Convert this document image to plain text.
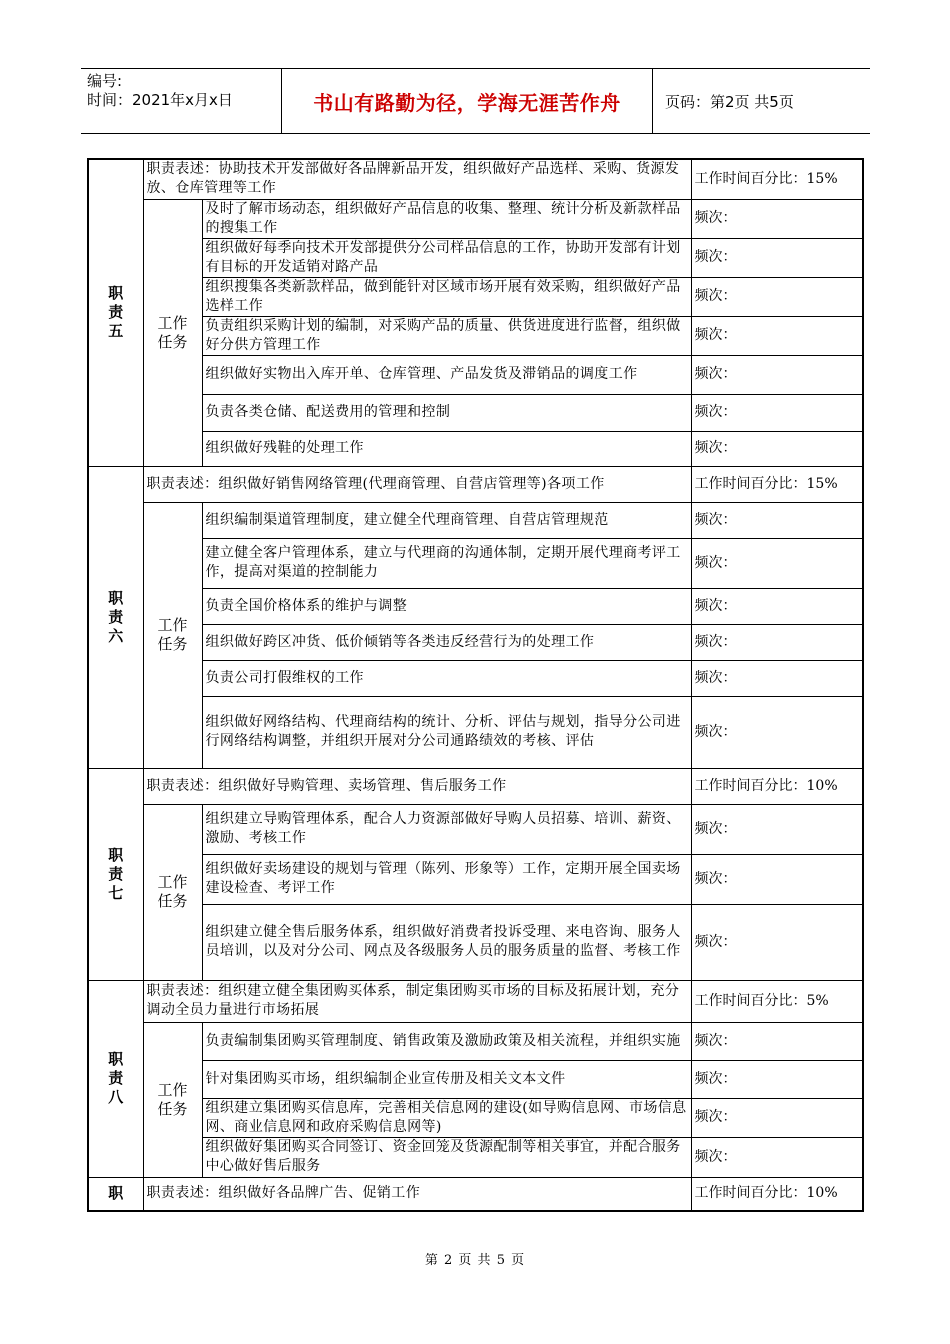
编号:
时间：2021年x月x日	书山有路勤为径，学海无涯苦作舟	页码：第2页 共5页
职
责
五	职责表述：协助技术开发部做好各品牌新品开发，组织做好产品选样、采购、货源发放、仓库管理等工作		工作时间百分比：15%
	工作
任务	及时了解市场动态，组织做好产品信息的收集、整理、统计分析及新款样品的搜集工作	频次：
		组织做好每季向技术开发部提供分公司样品信息的工作，协助开发部有计划有目标的开发适销对路产品	频次：
		组织搜集各类新款样品，做到能针对区域市场开展有效采购，组织做好产品选样工作	频次：
		负责组织采购计划的编制，对采购产品的质量、供货进度进行监督，组织做好分供方管理工作	频次：
		组织做好实物出入库开单、仓库管理、产品发货及滞销品的调度工作	频次：
		负责各类仓储、配送费用的管理和控制	频次：
		组织做好残鞋的处理工作	频次：
职
责
六	职责表述：组织做好销售网络管理(代理商管理、自营店管理等)各项工作		工作时间百分比：15%
	工作
任务	组织编制渠道管理制度，建立健全代理商管理、自营店管理规范	频次：
		建立健全客户管理体系，建立与代理商的沟通体制，定期开展代理商考评工作，提高对渠道的控制能力	频次：
		负责全国价格体系的维护与调整	频次：
		组织做好跨区冲货、低价倾销等各类违反经营行为的处理工作	频次：
		负责公司打假维权的工作	频次：
		组织做好网络结构、代理商结构的统计、分析、评估与规划，指导分公司进行网络结构调整，并组织开展对分公司通路绩效的考核、评估	频次：
职
责
七	职责表述：组织做好导购管理、卖场管理、售后服务工作		工作时间百分比：10%
	工作
任务	组织建立导购管理体系，配合人力资源部做好导购人员招募、培训、薪资、激励、考核工作	频次：
		组织做好卖场建设的规划与管理（陈列、形象等）工作，定期开展全国卖场建设检查、考评工作	频次：
		组织建立健全售后服务体系，组织做好消费者投诉受理、来电咨询、服务人员培训，以及对分公司、网点及各级服务人员的服务质量的监督、考核工作	频次：
职
责
八	职责表述：组织建立健全集团购买体系，制定集团购买市场的目标及拓展计划，充分调动全员力量进行市场拓展		工作时间百分比：5%
	工作
任务	负责编制集团购买管理制度、销售政策及激励政策及相关流程，并组织实施	频次：
		针对集团购买市场，组织编制企业宣传册及相关文本文件	频次：
		组织建立集团购买信息库，完善相关信息网的建设(如导购信息网、市场信息网、商业信息网和政府采购信息网等)	频次：
		组织做好集团购买合同签订、资金回笼及货源配制等相关事宜，并配合服务中心做好售后服务	频次：
职	职责表述：组织做好各品牌广告、促销工作		工作时间百分比：10%
第 2 页 共 5 页
